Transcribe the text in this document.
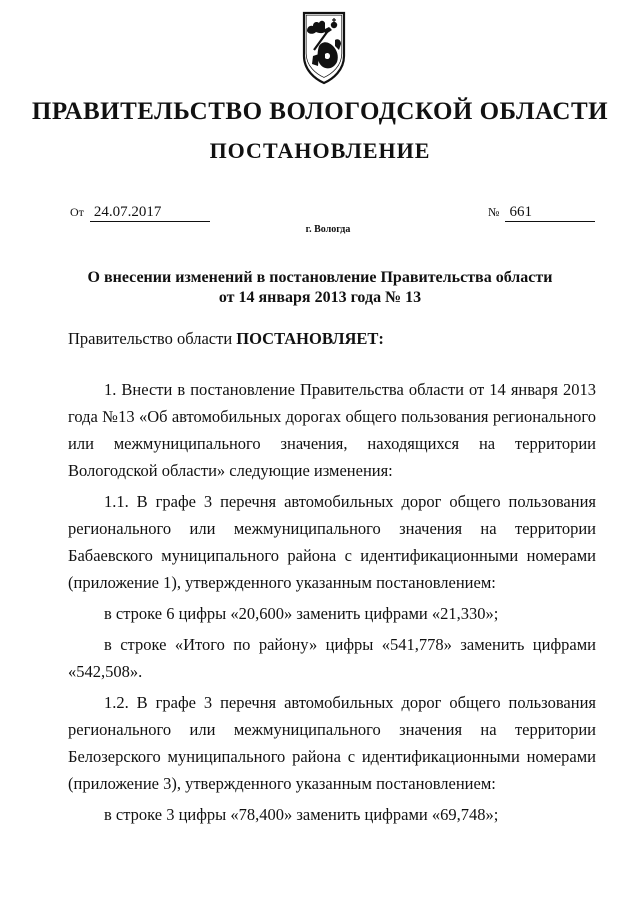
ПРАВИТЕЛЬСТВО ВОЛОГОДСКОЙ ОБЛАСТИ
ПОСТАНОВЛЕНИЕ
От 24.07.2017	№ 661
г. Вологда
О внесении изменений в постановление Правительства области
от 14 января 2013 года № 13
Правительство области ПОСТАНОВЛЯЕТ:

1. Внести в постановление Правительства области от 14 января 2013 года №13 «Об автомобильных дорогах общего пользования регионального или межмуниципального значения, находящихся на территории Вологодской области» следующие изменения:

1.1. В графе 3 перечня автомобильных дорог общего пользования регионального или межмуниципального значения на территории Бабаевского муниципального района с идентификационными номерами (приложение 1), утвержденного указанным постановлением:

в строке 6 цифры «20,600» заменить цифрами «21,330»;

в строке «Итого по району» цифры «541,778» заменить цифрами «542,508».

1.2. В графе 3 перечня автомобильных дорог общего пользования регионального или межмуниципального значения на территории Белозерского муниципального района с идентификационными номерами (приложение 3), утвержденного указанным постановлением:

в строке 3 цифры «78,400» заменить цифрами «69,748»;
